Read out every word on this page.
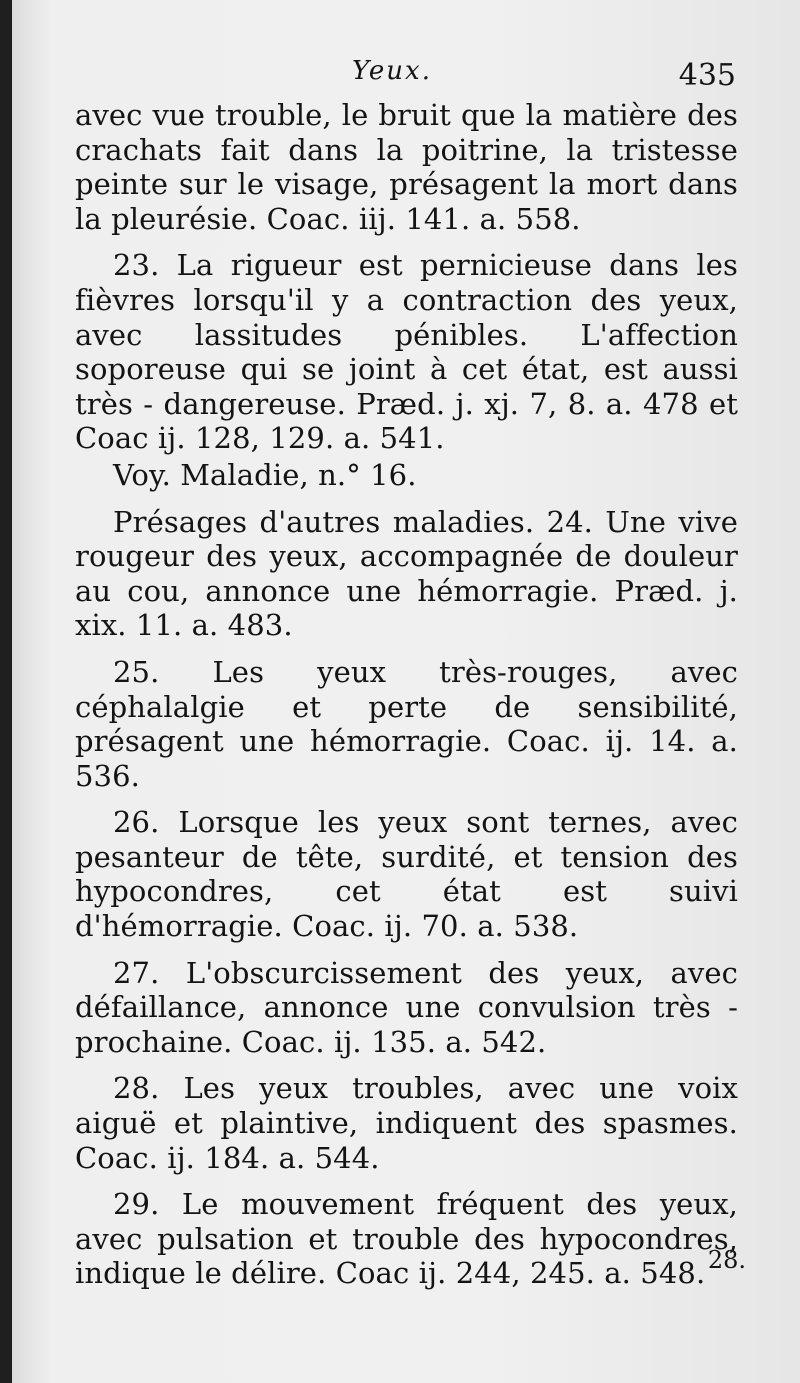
Yeux.	435

avec vue trouble, le bruit que la matière des crachats fait dans la poitrine, la tristesse peinte sur le visage, présagent la mort dans la pleurésie. Coac. iij. 141. a. 558.

23. La rigueur est pernicieuse dans les fièvres lorsqu'il y a contraction des yeux, avec lassitudes pénibles. L'affection soporeuse qui se joint à cet état, est aussi très - dangereuse. Præd. j. xj. 7, 8. a. 478 et Coac ij. 128, 129. a. 541.

Voy. Maladie, n.° 16.

Présages d'autres maladies. 24. Une vive rougeur des yeux, accompagnée de douleur au cou, annonce une hémorragie. Præd. j. xix. 11. a. 483.

25. Les yeux très-rouges, avec céphalalgie et perte de sensibilité, présagent une hémorragie. Coac. ij. 14. a. 536.

26. Lorsque les yeux sont ternes, avec pesanteur de tête, surdité, et tension des hypocondres, cet état est suivi d'hémorragie. Coac. ij. 70. a. 538.

27. L'obscurcissement des yeux, avec défaillance, annonce une convulsion très - prochaine. Coac. ij. 135. a. 542.

28. Les yeux troubles, avec une voix aiguë et plaintive, indiquent des spasmes. Coac. ij. 184. a. 544.

29. Le mouvement fréquent des yeux, avec pulsation et trouble des hypocondres, indique le délire. Coac ij. 244, 245. a. 548. 28.
